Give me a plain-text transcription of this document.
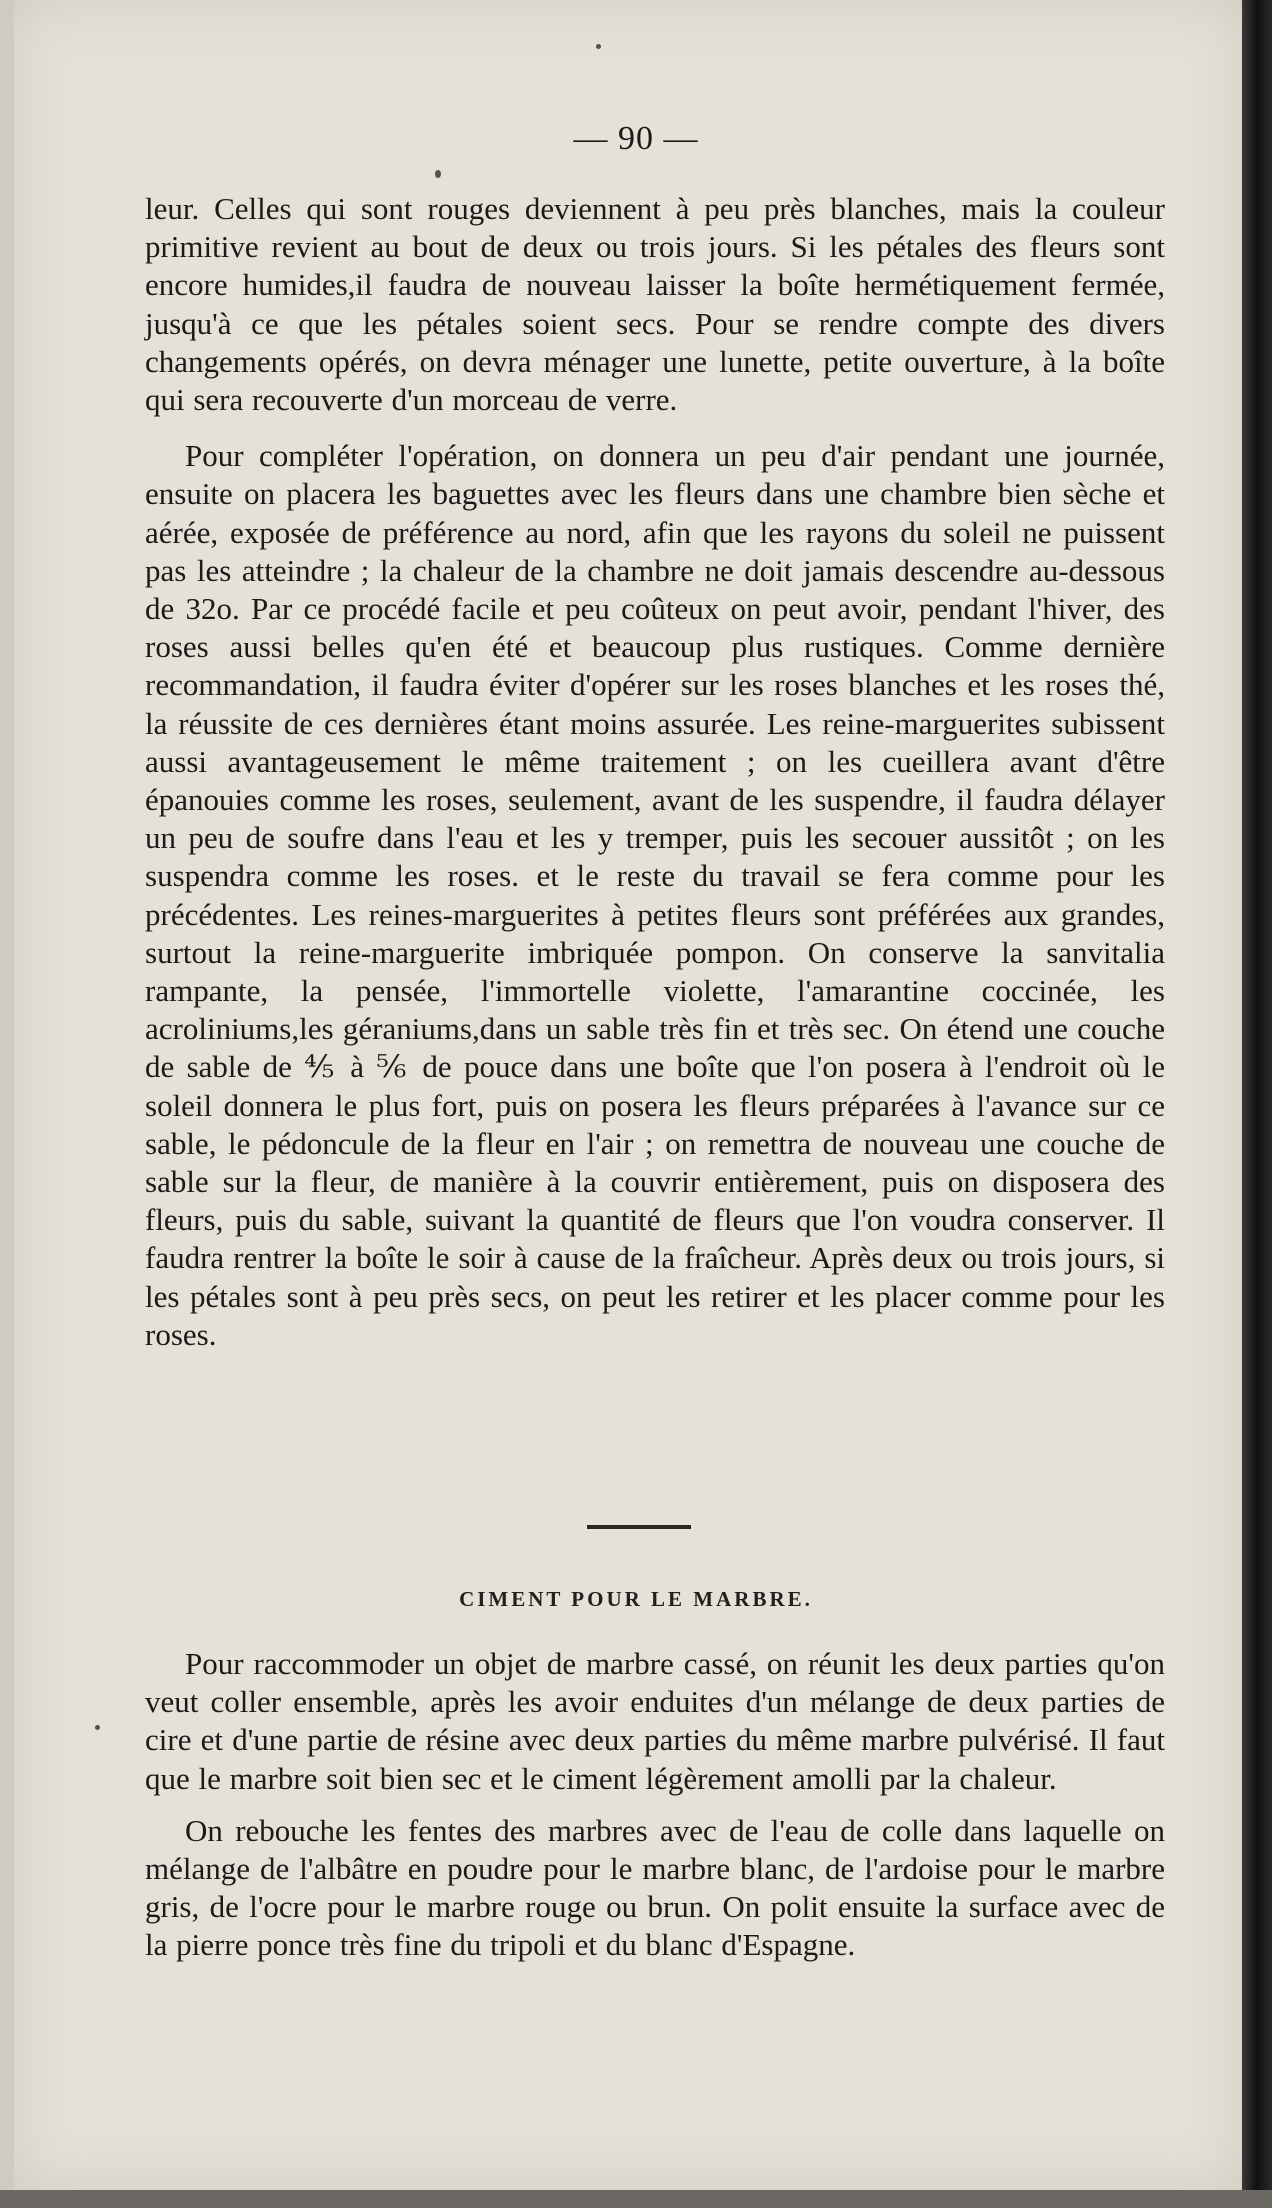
— 90 —

leur. Celles qui sont rouges deviennent à peu près blanches, mais la couleur primitive revient au bout de deux ou trois jours. Si les pétales des fleurs sont encore humides,il faudra de nouveau laisser la boîte hermétiquement fermée, jusqu'à ce que les pétales soient secs. Pour se rendre compte des divers changements opérés, on devra ménager une lunette, petite ouverture, à la boîte qui sera recouverte d'un morceau de verre.

Pour compléter l'opération, on donnera un peu d'air pendant une journée, ensuite on placera les baguettes avec les fleurs dans une chambre bien sèche et aérée, exposée de préférence au nord, afin que les rayons du soleil ne puissent pas les atteindre ; la chaleur de la chambre ne doit jamais descendre au-dessous de 32o. Par ce procédé facile et peu coûteux on peut avoir, pendant l'hiver, des roses aussi belles qu'en été et beaucoup plus rustiques. Comme dernière recommandation, il faudra éviter d'opérer sur les roses blanches et les roses thé, la réussite de ces dernières étant moins assurée. Les reine-marguerites subissent aussi avantageusement le même traitement ; on les cueillera avant d'être épanouies comme les roses, seulement, avant de les suspendre, il faudra délayer un peu de soufre dans l'eau et les y tremper, puis les secouer aussitôt ; on les suspendra comme les roses. et le reste du travail se fera comme pour les précédentes. Les reines-marguerites à petites fleurs sont préférées aux grandes, surtout la reine-marguerite imbriquée pompon. On conserve la sanvitalia rampante, la pensée, l'immortelle violette, l'amarantine coccinée, les acroliniums,les géraniums,dans un sable très fin et très sec. On étend une couche de sable de ⅘ à ⅚ de pouce dans une boîte que l'on posera à l'endroit où le soleil donnera le plus fort, puis on posera les fleurs préparées à l'avance sur ce sable, le pédoncule de la fleur en l'air ; on remettra de nouveau une couche de sable sur la fleur, de manière à la couvrir entièrement, puis on disposera des fleurs, puis du sable, suivant la quantité de fleurs que l'on voudra conserver. Il faudra rentrer la boîte le soir à cause de la fraîcheur. Après deux ou trois jours, si les pétales sont à peu près secs, on peut les retirer et les placer comme pour les roses.

CIMENT POUR LE MARBRE.

Pour raccommoder un objet de marbre cassé, on réunit les deux parties qu'on veut coller ensemble, après les avoir enduites d'un mélange de deux parties de cire et d'une partie de résine avec deux parties du même marbre pulvérisé. Il faut que le marbre soit bien sec et le ciment légèrement amolli par la chaleur.

On rebouche les fentes des marbres avec de l'eau de colle dans laquelle on mélange de l'albâtre en poudre pour le marbre blanc, de l'ardoise pour le marbre gris, de l'ocre pour le marbre rouge ou brun. On polit ensuite la surface avec de la pierre ponce très fine du tripoli et du blanc d'Espagne.
